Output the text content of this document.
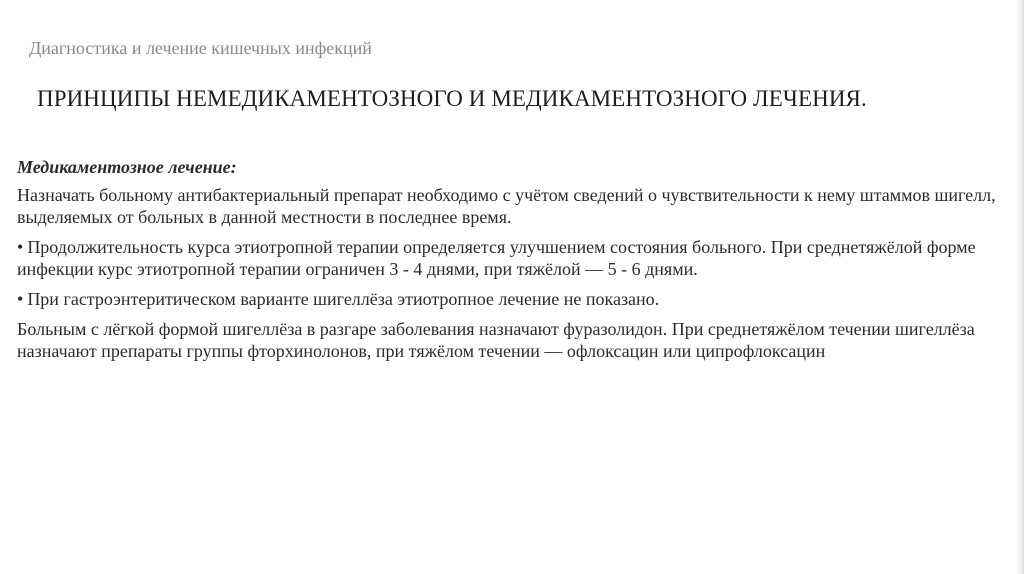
Диагностика и лечение кишечных инфекций
ПРИНЦИПЫ НЕМЕДИКАМЕНТОЗНОГО И МЕДИКАМЕНТОЗНОГО ЛЕЧЕНИЯ.

Медикаментозное лечение:

Назначать больному антибактериальный препарат необходимо с учётом сведений о чувствительности к нему штаммов шигелл, выделяемых от больных в данной местности в последнее время.

• Продолжительность курса этиотропной терапии определяется улучшением состояния больного. При среднетяжёлой форме инфекции курс этиотропной терапии ограничен 3 - 4 днями, при тяжёлой — 5 - 6 днями.

• При гастроэнтеритическом варианте шигеллёза этиотропное лечение не показано.

Больным с лёгкой формой шигеллёза в разгаре заболевания назначают фуразолидон. При среднетяжёлом течении шигеллёза назначают препараты группы фторхинолонов, при тяжёлом течении — офлоксацин или ципрофлоксацин
